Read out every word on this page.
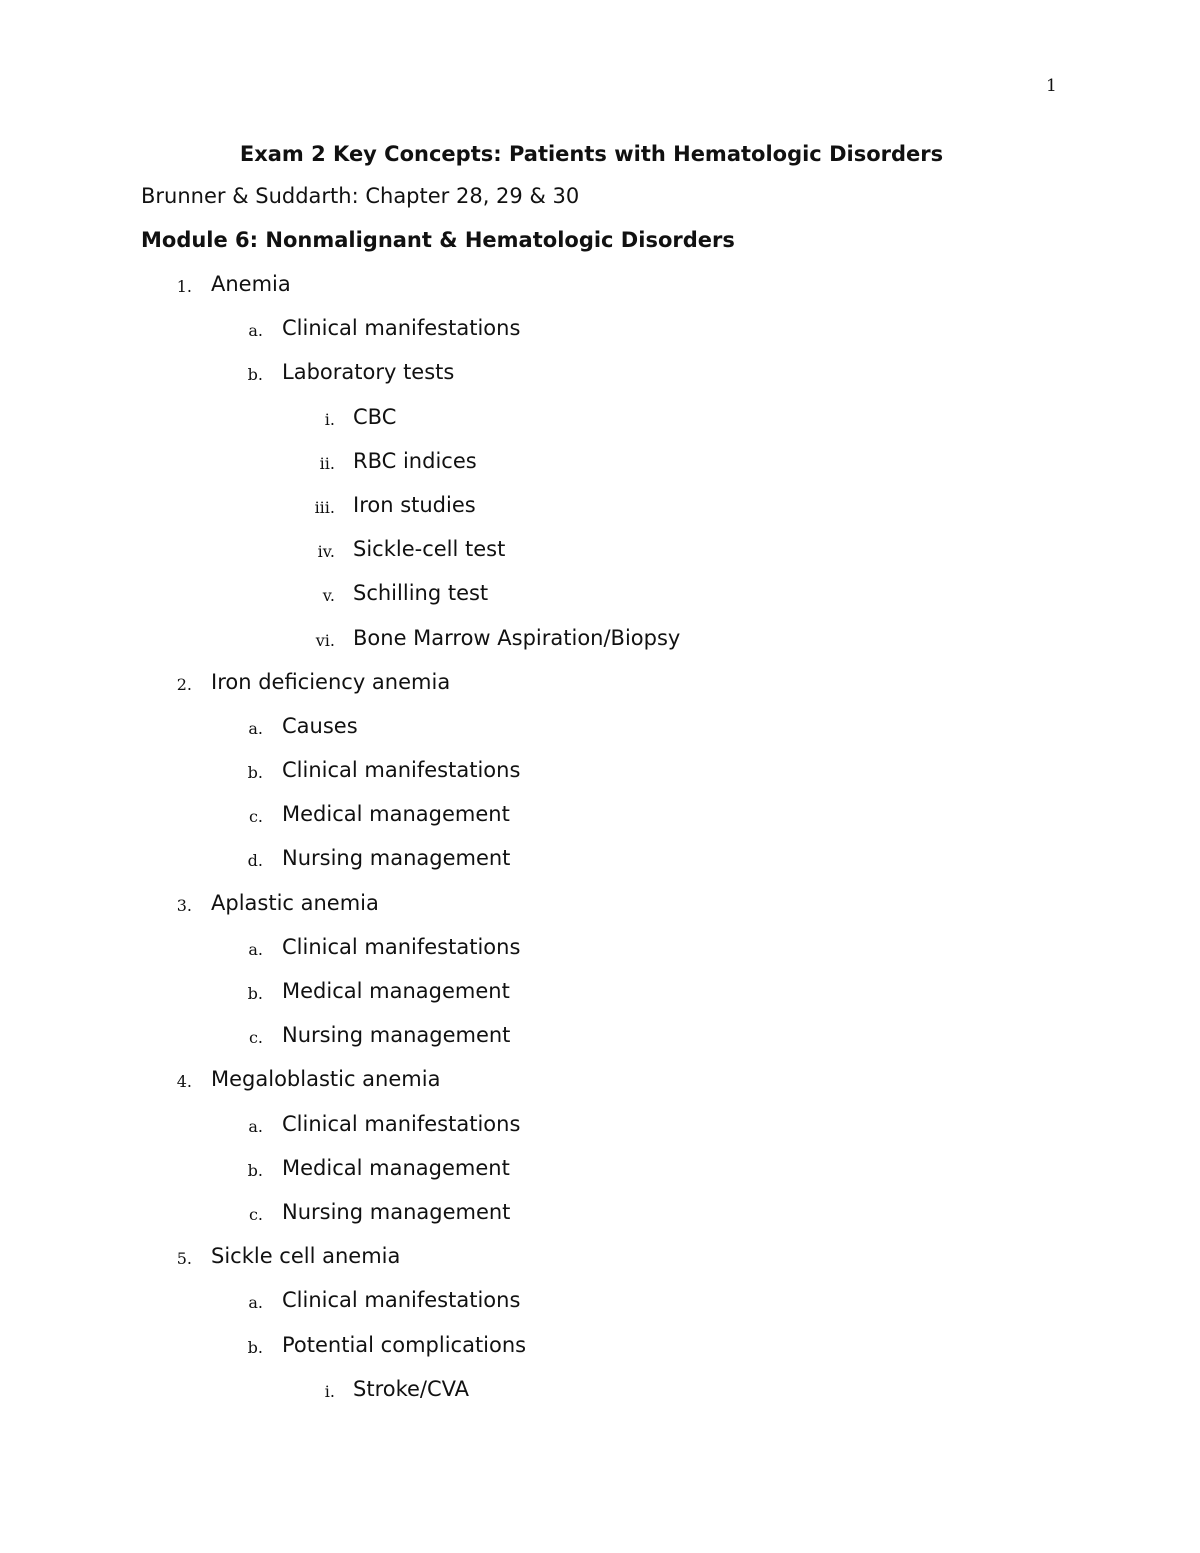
1
Exam 2 Key Concepts: Patients with Hematologic Disorders
Brunner & Suddarth: Chapter 28, 29 & 30
Module 6: Nonmalignant & Hematologic Disorders
1. Anemia
a. Clinical manifestations
b. Laboratory tests
i. CBC
ii. RBC indices
iii. Iron studies
iv. Sickle-cell test
v. Schilling test
vi. Bone Marrow Aspiration/Biopsy
2. Iron deficiency anemia
a. Causes
b. Clinical manifestations
c. Medical management
d. Nursing management
3. Aplastic anemia
a. Clinical manifestations
b. Medical management
c. Nursing management
4. Megaloblastic anemia
a. Clinical manifestations
b. Medical management
c. Nursing management
5. Sickle cell anemia
a. Clinical manifestations
b. Potential complications
i. Stroke/CVA
